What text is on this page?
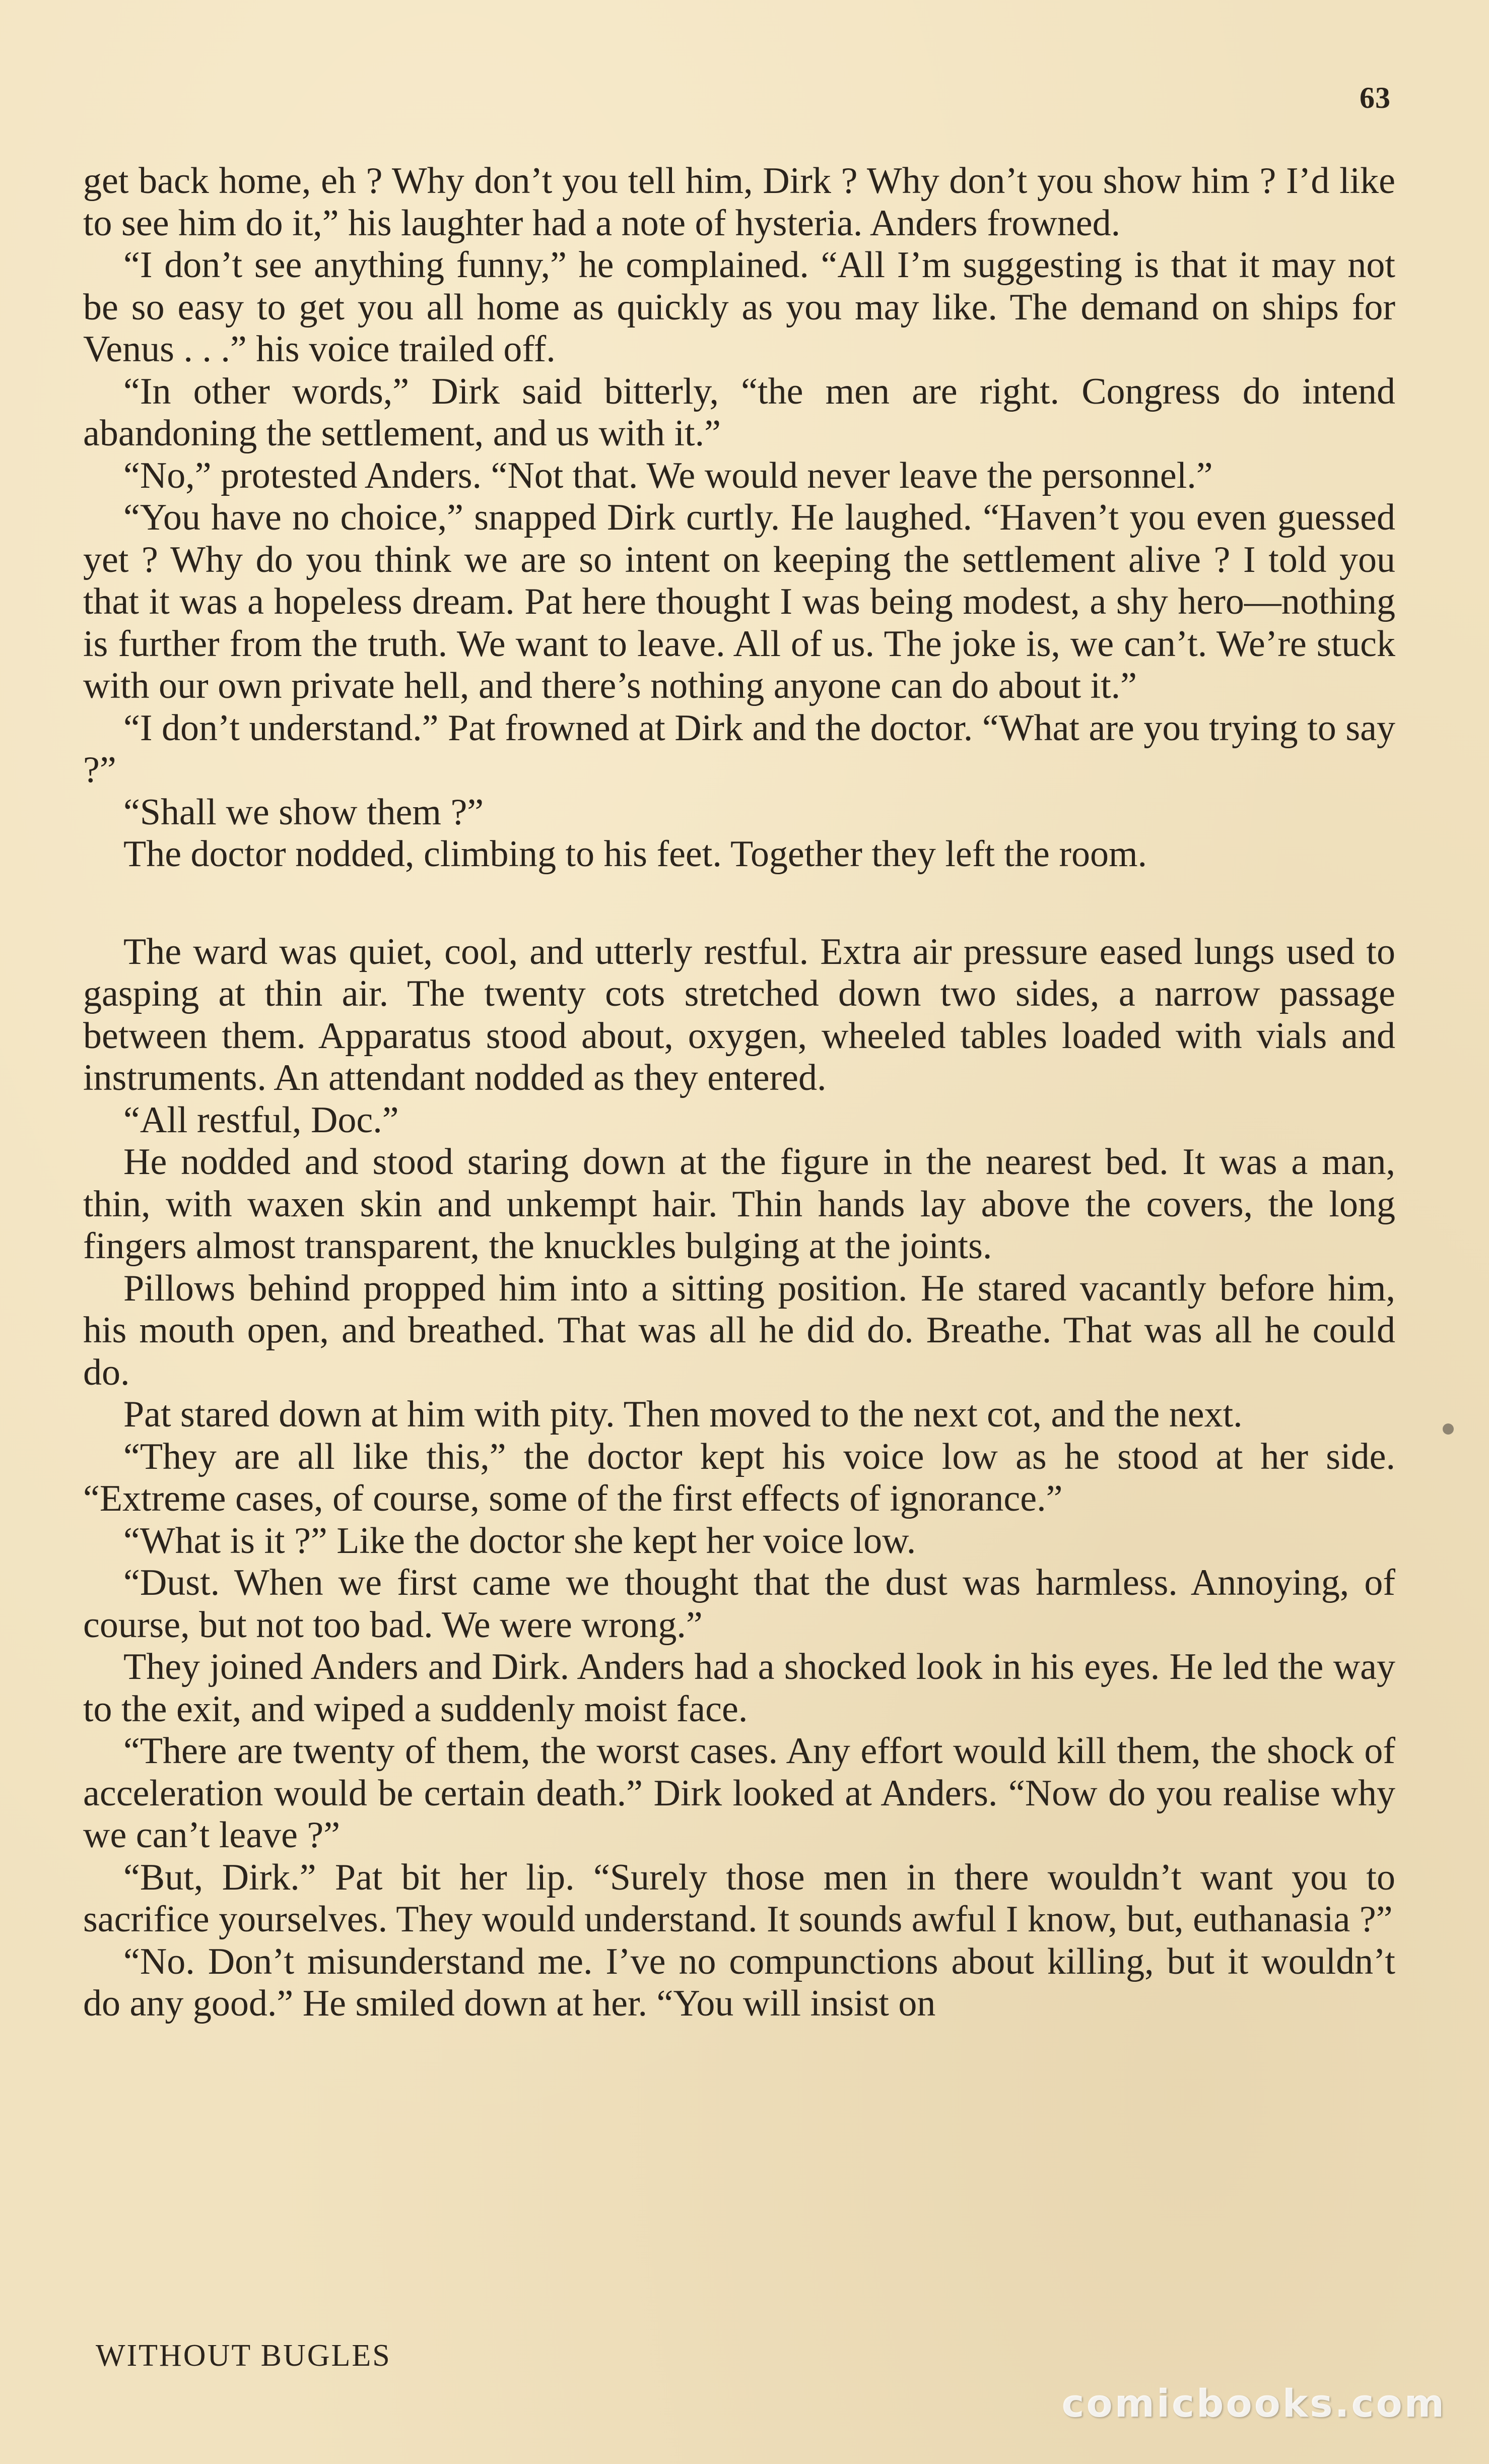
63

get back home, eh ? Why don’t you tell him, Dirk ? Why don’t you show him ? I’d like to see him do it,” his laughter had a note of hysteria. Anders frowned.

“I don’t see anything funny,” he complained. “All I’m suggesting is that it may not be so easy to get you all home as quickly as you may like. The demand on ships for Venus . . .” his voice trailed off.

“In other words,” Dirk said bitterly, “the men are right. Congress do intend abandoning the settlement, and us with it.”

“No,” protested Anders. “Not that. We would never leave the personnel.”

“You have no choice,” snapped Dirk curtly. He laughed. “Haven’t you even guessed yet ? Why do you think we are so intent on keeping the settlement alive ? I told you that it was a hopeless dream. Pat here thought I was being modest, a shy hero—nothing is further from the truth. We want to leave. All of us. The joke is, we can’t. We’re stuck with our own private hell, and there’s nothing anyone can do about it.”

“I don’t understand.” Pat frowned at Dirk and the doctor. “What are you trying to say ?”

“Shall we show them ?”

The doctor nodded, climbing to his feet. Together they left the room.

The ward was quiet, cool, and utterly restful. Extra air pressure eased lungs used to gasping at thin air. The twenty cots stretched down two sides, a narrow passage between them. Apparatus stood about, oxygen, wheeled tables loaded with vials and instruments. An attendant nodded as they entered.

“All restful, Doc.”

He nodded and stood staring down at the figure in the nearest bed. It was a man, thin, with waxen skin and unkempt hair. Thin hands lay above the covers, the long fingers almost transparent, the knuckles bulging at the joints.

Pillows behind propped him into a sitting position. He stared vacantly before him, his mouth open, and breathed. That was all he did do. Breathe. That was all he could do.

Pat stared down at him with pity. Then moved to the next cot, and the next.

“They are all like this,” the doctor kept his voice low as he stood at her side. “Extreme cases, of course, some of the first effects of ignorance.”

“What is it ?” Like the doctor she kept her voice low.

“Dust. When we first came we thought that the dust was harmless. Annoying, of course, but not too bad. We were wrong.”

They joined Anders and Dirk. Anders had a shocked look in his eyes. He led the way to the exit, and wiped a suddenly moist face.

“There are twenty of them, the worst cases. Any effort would kill them, the shock of acceleration would be certain death.” Dirk looked at Anders. “Now do you realise why we can’t leave ?”

“But, Dirk.” Pat bit her lip. “Surely those men in there wouldn’t want you to sacrifice yourselves. They would understand. It sounds awful I know, but, euthanasia ?”

“No. Don’t misunderstand me. I’ve no compunctions about killing, but it wouldn’t do any good.” He smiled down at her. “You will insist on

WITHOUT BUGLES
comicbooks.com
